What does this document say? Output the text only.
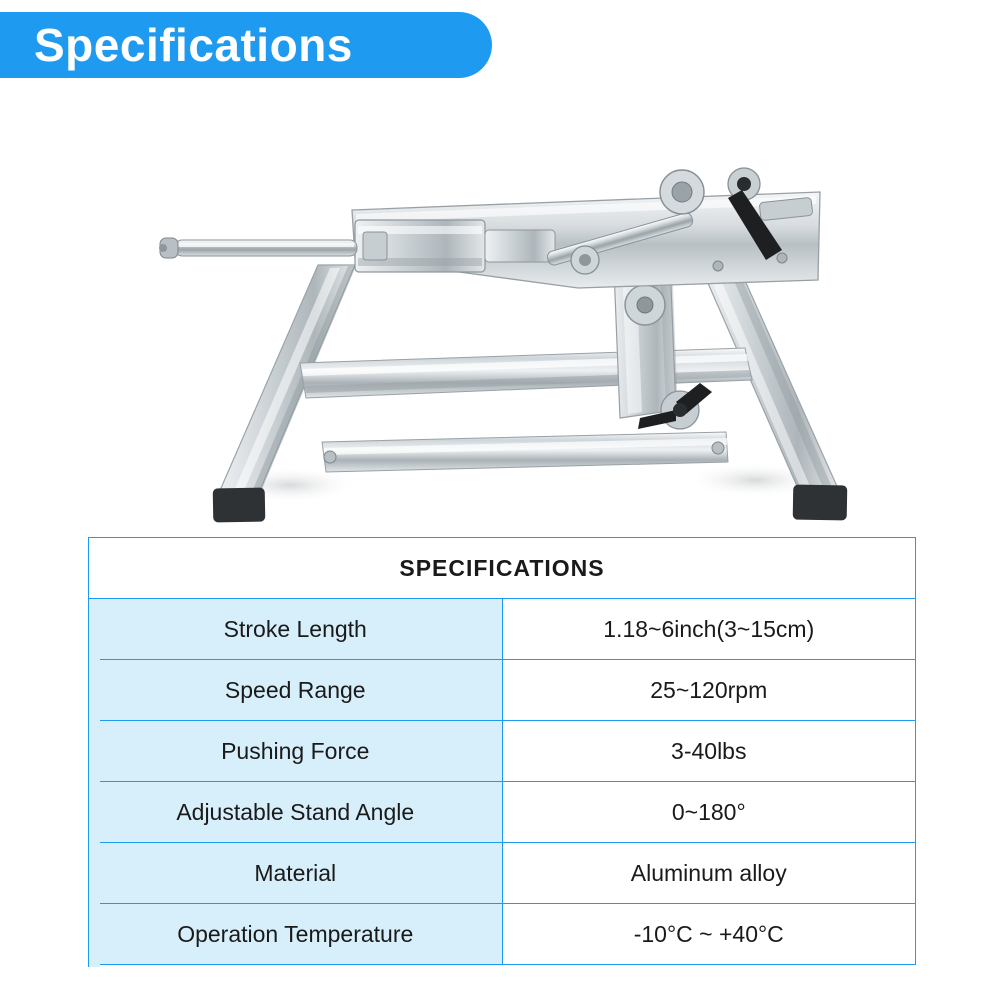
Specifications
SPECIFICATIONS	
Stroke Length	1.18~6inch(3~15cm)
Speed Range	25~120rpm
Pushing Force	3-40lbs
Adjustable Stand Angle	0~180°
Material	Aluminum alloy
Operation Temperature	-10°C ~ +40°C
